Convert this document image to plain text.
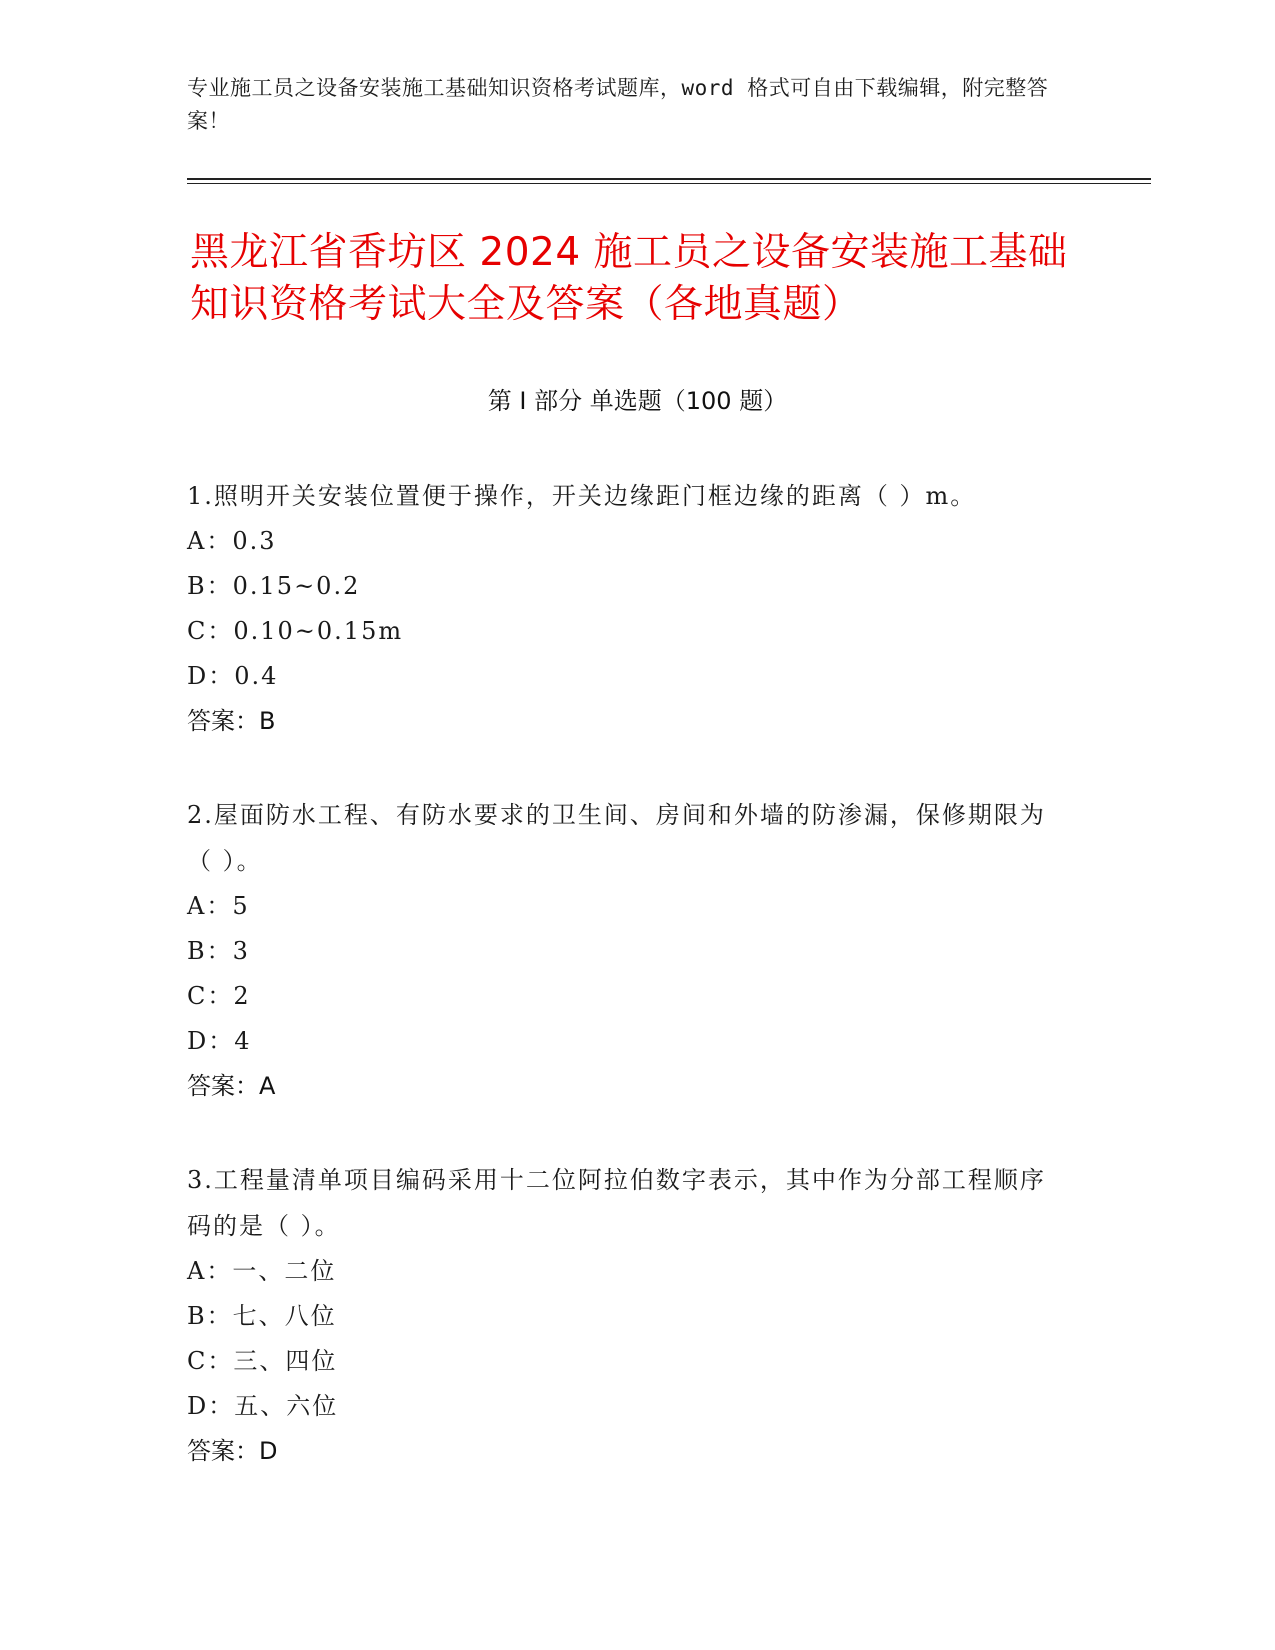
专业施工员之设备安装施工基础知识资格考试题库，word 格式可自由下载编辑，附完整答案！
黑龙江省香坊区 2024 施工员之设备安装施工基础知识资格考试大全及答案（各地真题）
第 I 部分 单选题（100 题）
1.照明开关安装位置便于操作，开关边缘距门框边缘的距离（ ）m。
A：0.3
B：0.15~0.2
C：0.10~0.15m
D：0.4
答案：B
2.屋面防水工程、有防水要求的卫生间、房间和外墙的防渗漏，保修期限为（ ）。
A：5
B：3
C：2
D：4
答案：A
3.工程量清单项目编码采用十二位阿拉伯数字表示，其中作为分部工程顺序码的是（ ）。
A：一、二位
B：七、八位
C：三、四位
D：五、六位
答案：D
